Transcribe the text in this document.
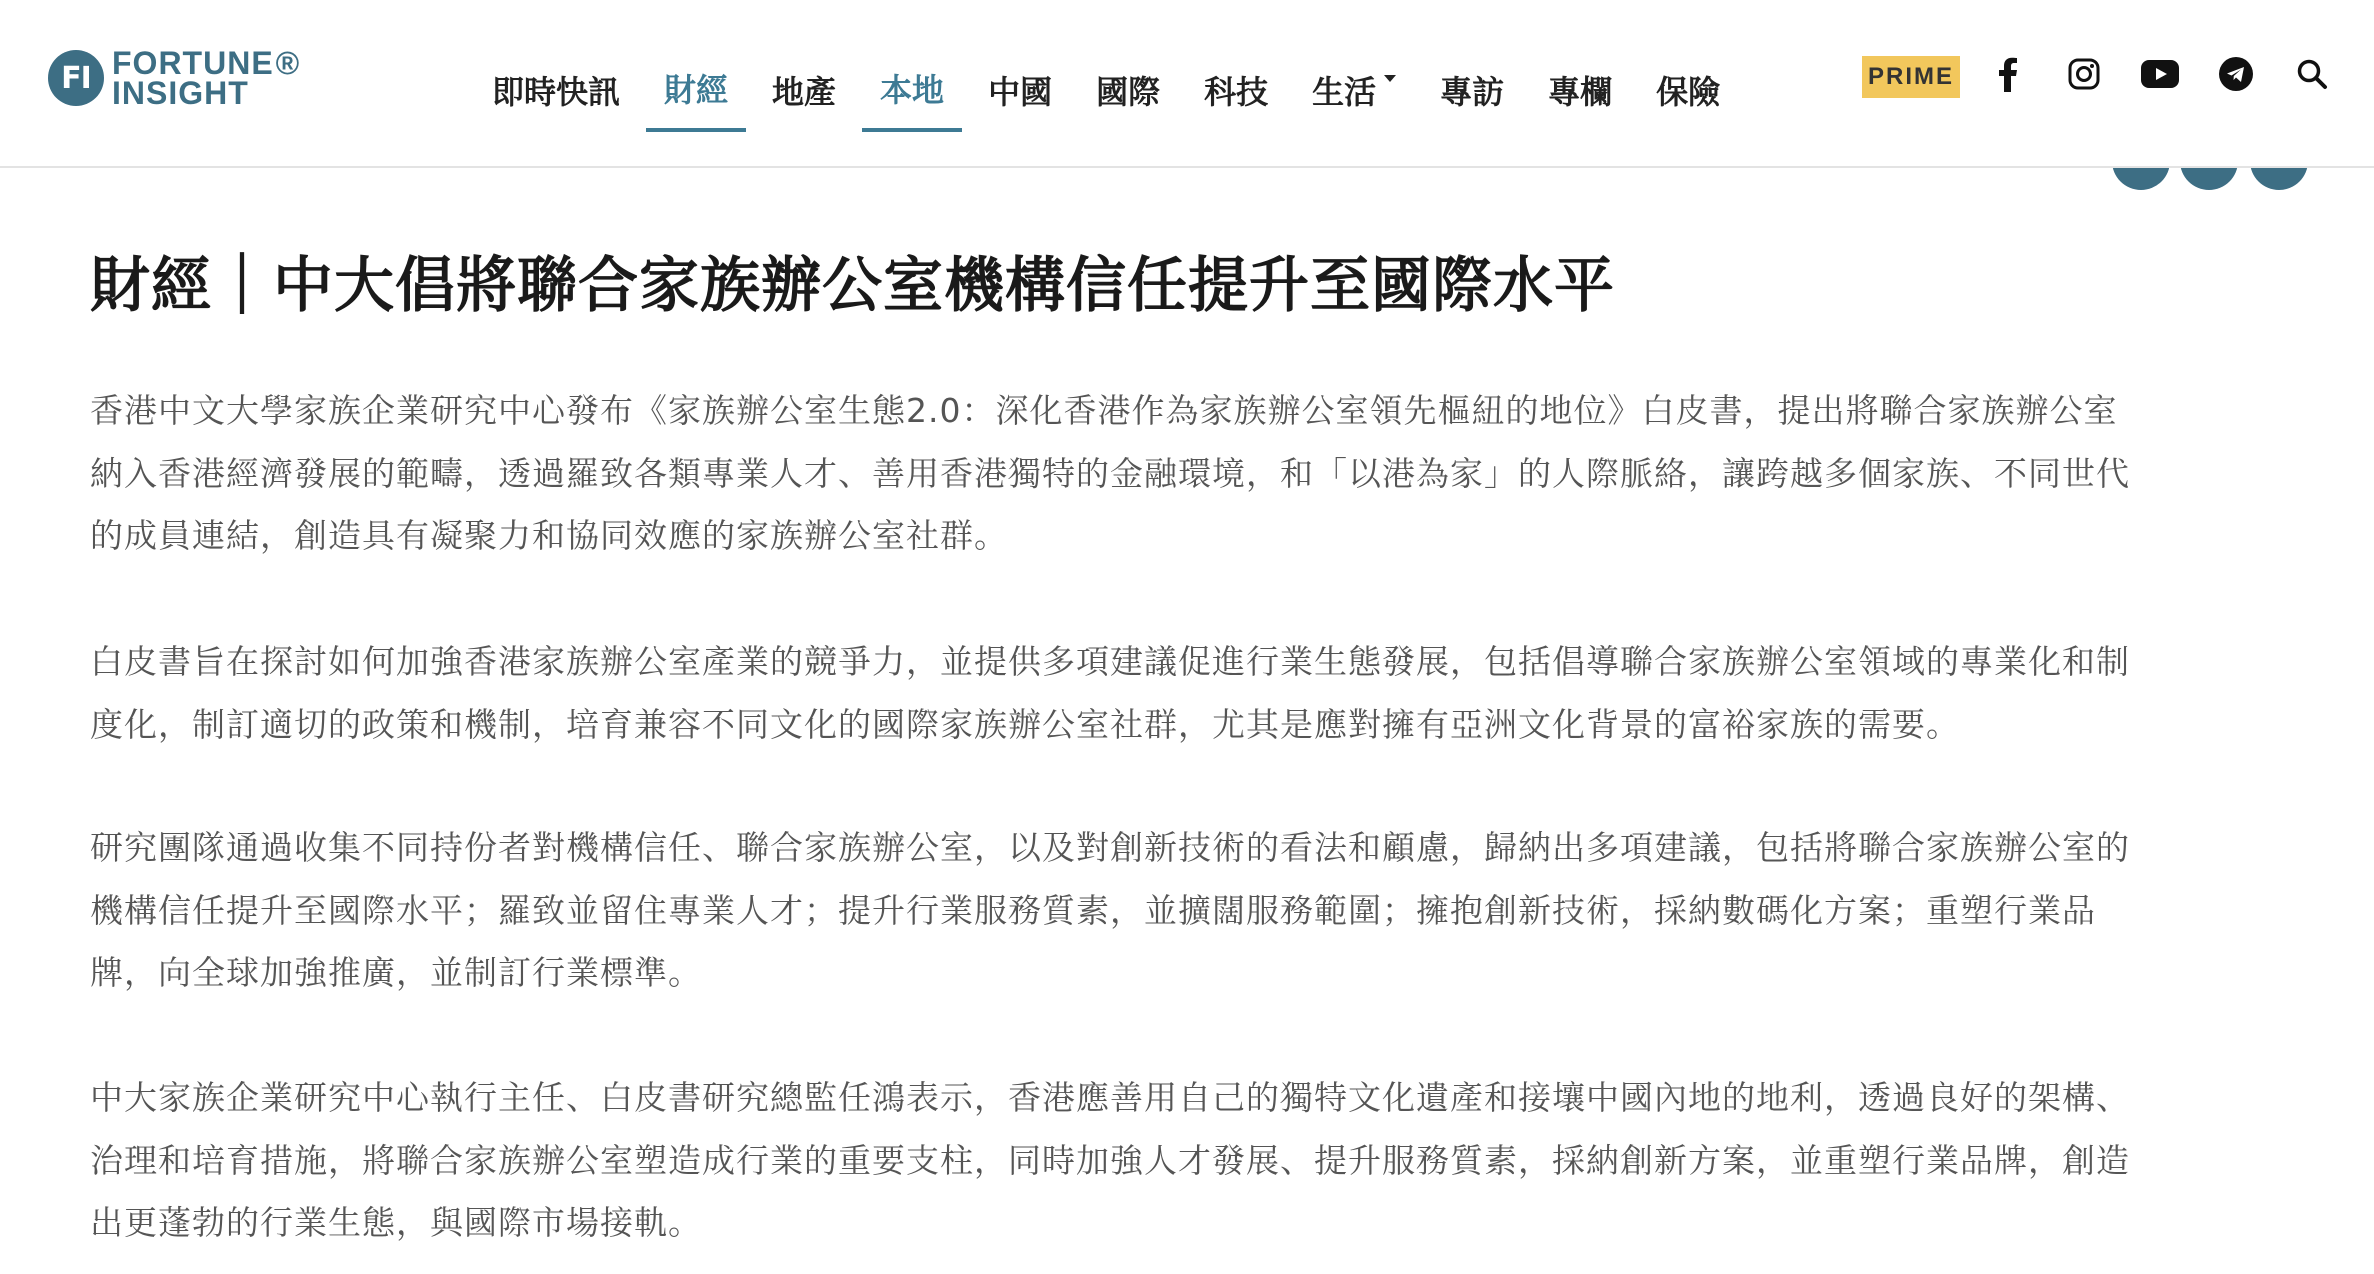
FI FORTUNE®
INSIGHT	即時快訊 財經 地產 本地 中國 國際 科技 生活 專訪 專欄 保險	PRIME
財經｜中大倡將聯合家族辦公室機構信任提升至國際水平

香港中文大學家族企業研究中心發布《家族辦公室生態2.0：深化香港作為家族辦公室領先樞紐的地位》白皮書，提出將聯合家族辦公室
納入香港經濟發展的範疇，透過羅致各類專業人才、善用香港獨特的金融環境，和「以港為家」的人際脈絡，讓跨越多個家族、不同世代
的成員連結，創造具有凝聚力和協同效應的家族辦公室社群。

白皮書旨在探討如何加強香港家族辦公室產業的競爭力，並提供多項建議促進行業生態發展，包括倡導聯合家族辦公室領域的專業化和制
度化，制訂適切的政策和機制，培育兼容不同文化的國際家族辦公室社群，尤其是應對擁有亞洲文化背景的富裕家族的需要。

研究團隊通過收集不同持份者對機構信任、聯合家族辦公室，以及對創新技術的看法和顧慮，歸納出多項建議，包括將聯合家族辦公室的
機構信任提升至國際水平；羅致並留住專業人才；提升行業服務質素，並擴闊服務範圍；擁抱創新技術，採納數碼化方案；重塑行業品
牌，向全球加強推廣，並制訂行業標準。

中大家族企業研究中心執行主任、白皮書研究總監任鴻表示，香港應善用自己的獨特文化遺產和接壤中國內地的地利，透過良好的架構、
治理和培育措施，將聯合家族辦公室塑造成行業的重要支柱，同時加強人才發展、提升服務質素，採納創新方案，並重塑行業品牌，創造
出更蓬勃的行業生態，與國際市場接軌。
